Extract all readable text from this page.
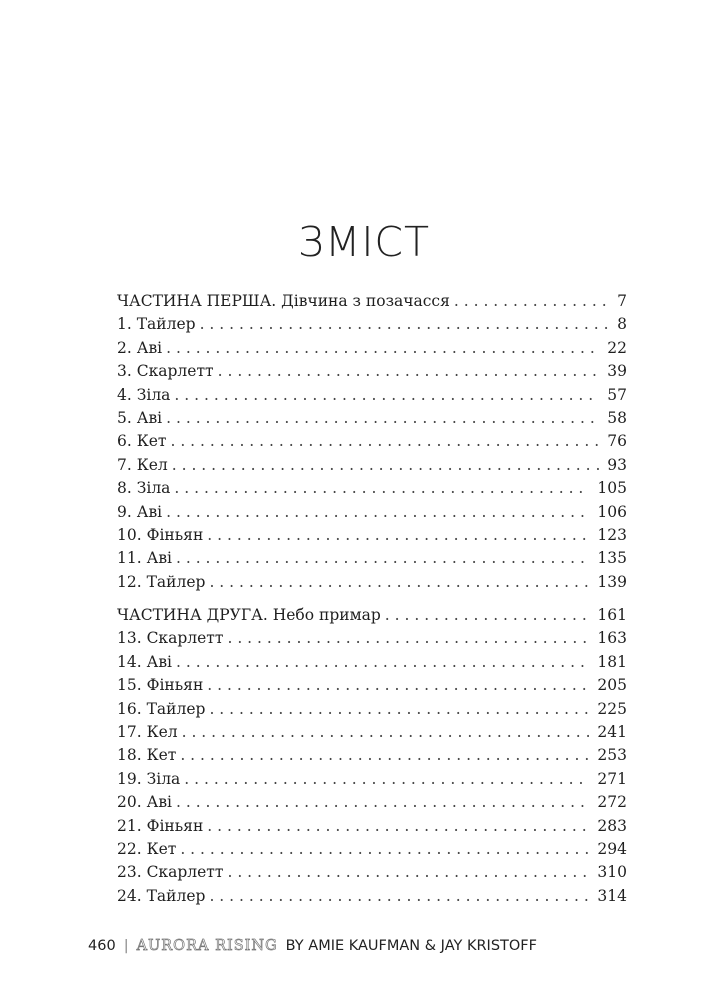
ЗМІСТ
ЧАСТИНА ПЕРША. Дівчина з позачасся . . .	7
1. Тайлер . . .	8
2. Аві . . .	22
3. Скарлетт . . .	39
4. Зіла . . .	57
5. Аві . . .	58
6. Кет . . .	76
7. Кел . . .	93
8. Зіла . . .	105
9. Аві . . .	106
10. Фіньян . . .	123
11. Аві . . .	135
12. Тайлер . . .	139
ЧАСТИНА ДРУГА. Небо примар . . .	161
13. Скарлетт . . .	163
14. Аві . . .	181
15. Фіньян . . .	205
16. Тайлер . . .	225
17. Кел . . .	241
18. Кет . . .	253
19. Зіла . . .	271
20. Аві . . .	272
21. Фіньян . . .	283
22. Кет . . .	294
23. Скарлетт . . .	310
24. Тайлер . . .	314
460 | AURORA RISING BY AMIE KAUFMAN & JAY KRISTOFF
